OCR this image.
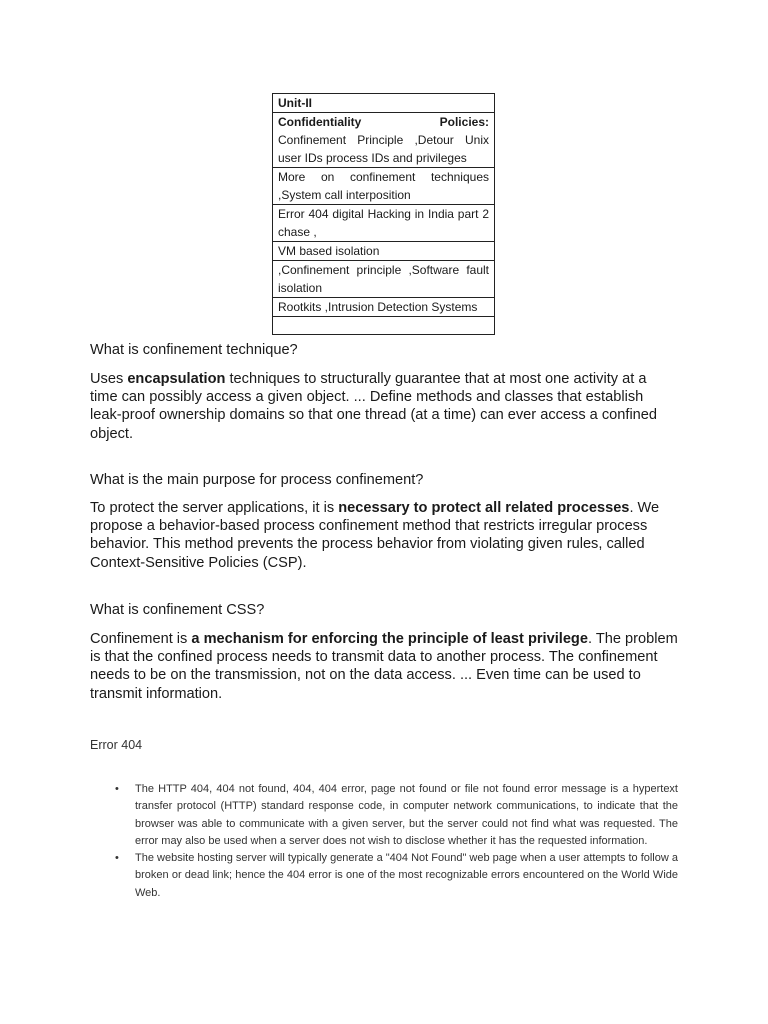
Unit-II

Confidentiality	Policies:
Confinement Principle ,Detour Unix user IDs process IDs and privileges

More on confinement techniques ,System call interposition
Error 404 digital Hacking in India part 2 chase ,
VM based isolation
,Confinement principle ,Software fault isolation
Rootkits ,Intrusion Detection Systems

What is confinement technique?
Uses encapsulation techniques to structurally guarantee that at most one activity at a time can possibly access a given object. ... Define methods and classes that establish leak-proof ownership domains so that one thread (at a time) can ever access a confined object.
What is the main purpose for process confinement?
To protect the server applications, it is necessary to protect all related processes. We propose a behavior-based process confinement method that restricts irregular process behavior. This method prevents the process behavior from violating given rules, called Context-Sensitive Policies (CSP).
What is confinement CSS?
Confinement is a mechanism for enforcing the principle of least privilege. The problem is that the confined process needs to transmit data to another process. The confinement needs to be on the transmission, not on the data access. ... Even time can be used to transmit information.
Error 404
• The HTTP 404, 404 not found, 404, 404 error, page not found or file not found error message is a hypertext transfer protocol (HTTP) standard response code, in computer network communications, to indicate that the browser was able to communicate with a given server, but the server could not find what was requested. The error may also be used when a server does not wish to disclose whether it has the requested information.
• The website hosting server will typically generate a "404 Not Found" web page when a user attempts to follow a broken or dead link; hence the 404 error is one of the most recognizable errors encountered on the World Wide Web.
